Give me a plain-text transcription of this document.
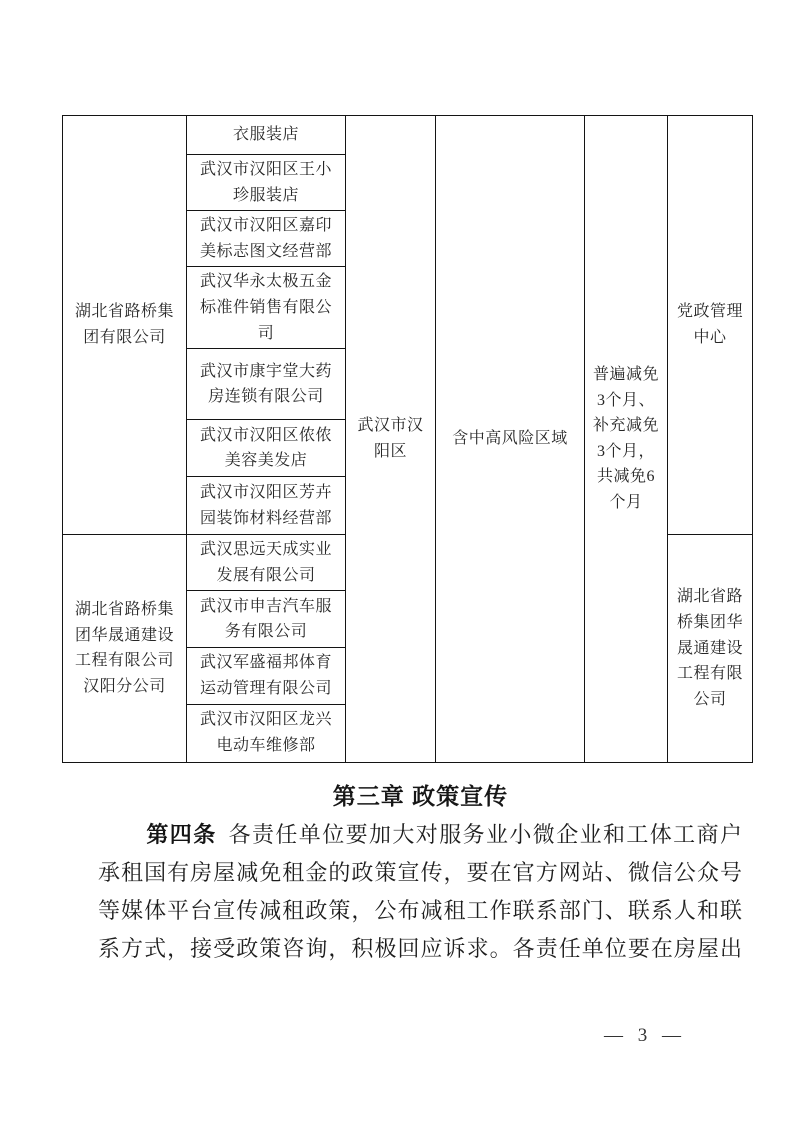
湖北省路桥集团有限公司	衣服装店	武汉市汉阳区	含中高风险区域	普遍减免3个月、补充减免3个月，共减免6个月	党政管理中心
	武汉市汉阳区王小珍服装店				
	武汉市汉阳区嘉印美标志图文经营部				
	武汉华永太极五金标准件销售有限公司				
	武汉市康宇堂大药房连锁有限公司				
	武汉市汉阳区侬侬美容美发店				
	武汉市汉阳区芳卉园装饰材料经营部				
湖北省路桥集团华晟通建设工程有限公司汉阳分公司	武汉思远天成实业发展有限公司				湖北省路桥集团华晟通建设工程有限公司
	武汉市申吉汽车服务有限公司				
	武汉军盛福邦体育运动管理有限公司				
	武汉市汉阳区龙兴电动车维修部				
第三章 政策宣传
第四条 各责任单位要加大对服务业小微企业和工体工商户
承租国有房屋减免租金的政策宣传，要在官方网站、微信公众号
等媒体平台宣传减租政策，公布减租工作联系部门、联系人和联
系方式，接受政策咨询，积极回应诉求。各责任单位要在房屋出
— 3 —
